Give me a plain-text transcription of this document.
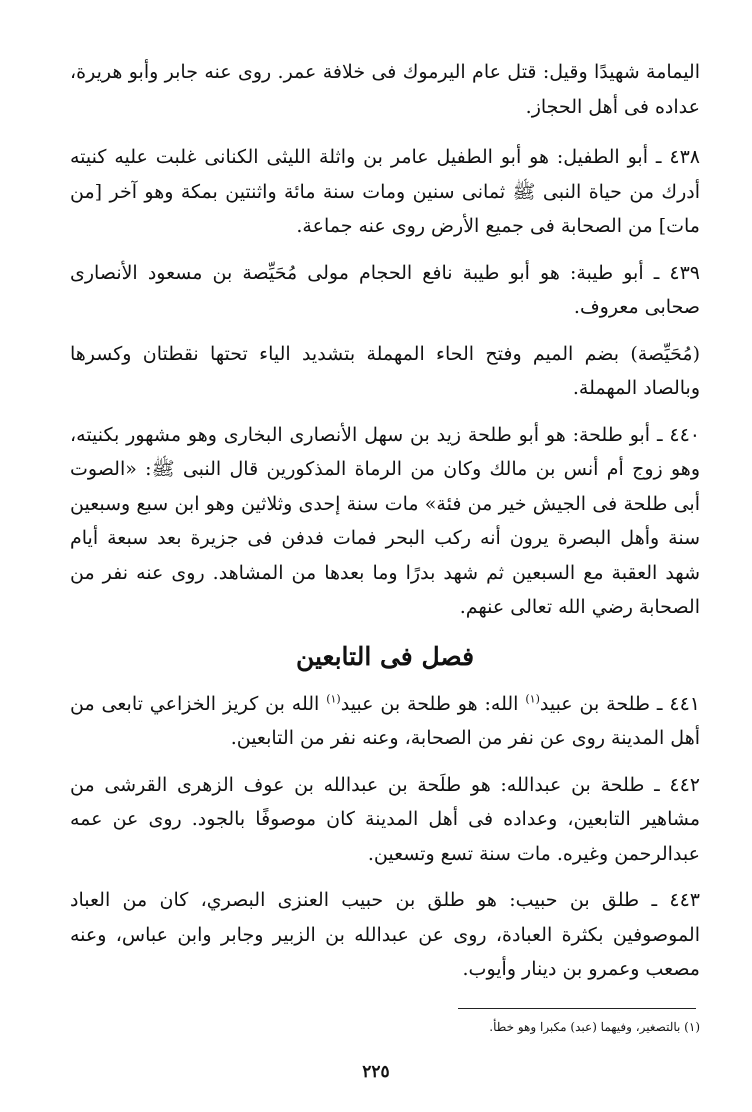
اليمامة شهيدًا وقيل: قتل عام اليرموك فى خلافة عمر. روى عنه جابر وأبو هريرة، عداده فى أهل الحجاز.

٤٣٨ ـ أبو الطفيل: هو أبو الطفيل عامر بن واثلة الليثى الكنانى غلبت عليه كنيته أدرك من حياة النبى ﷺ ثمانى سنين ومات سنة مائة واثنتين بمكة وهو آخر [من مات] من الصحابة فى جميع الأرض روى عنه جماعة.

٤٣٩ ـ أبو طيبة: هو أبو طيبة نافع الحجام مولى مُحَيِّصة بن مسعود الأنصارى صحابى معروف.

(مُحَيِّصة) بضم الميم وفتح الحاء المهملة بتشديد الياء تحتها نقطتان وكسرها وبالصاد المهملة.

٤٤٠ ـ أبو طلحة: هو أبو طلحة زيد بن سهل الأنصارى البخارى وهو مشهور بكنيته، وهو زوج أم أنس بن مالك وكان من الرماة المذكورين قال النبى ﷺ: «الصوت أبى طلحة فى الجيش خير من فئة» مات سنة إحدى وثلاثين وهو ابن سبع وسبعين سنة وأهل البصرة يرون أنه ركب البحر فمات فدفن فى جزيرة بعد سبعة أيام شهد العقبة مع السبعين ثم شهد بدرًا وما بعدها من المشاهد. روى عنه نفر من الصحابة رضي الله تعالى عنهم.

فصل فى التابعين

٤٤١ ـ طلحة بن عبيد$^{(١)}$ الله: هو طلحة بن عبيد$^{(١)}$ الله بن كريز الخزاعي تابعى من أهل المدينة روى عن نفر من الصحابة، وعنه نفر من التابعين.

٤٤٢ ـ طلحة بن عبدالله: هو طلَحة بن عبدالله بن عوف الزهرى القرشى من مشاهير التابعين، وعداده فى أهل المدينة كان موصوفًا بالجود. روى عن عمه عبدالرحمن وغيره. مات سنة تسع وتسعين.

٤٤٣ ـ طلق بن حبيب: هو طلق بن حبيب العنزى البصري، كان من العباد الموصوفين بكثرة العبادة، روى عن عبدالله بن الزبير وجابر وابن عباس، وعنه مصعب وعمرو بن دينار وأيوب.

(١) بالتصغير، وفيهما (عبد) مكبرا وهو خطأ.
٢٢٥
